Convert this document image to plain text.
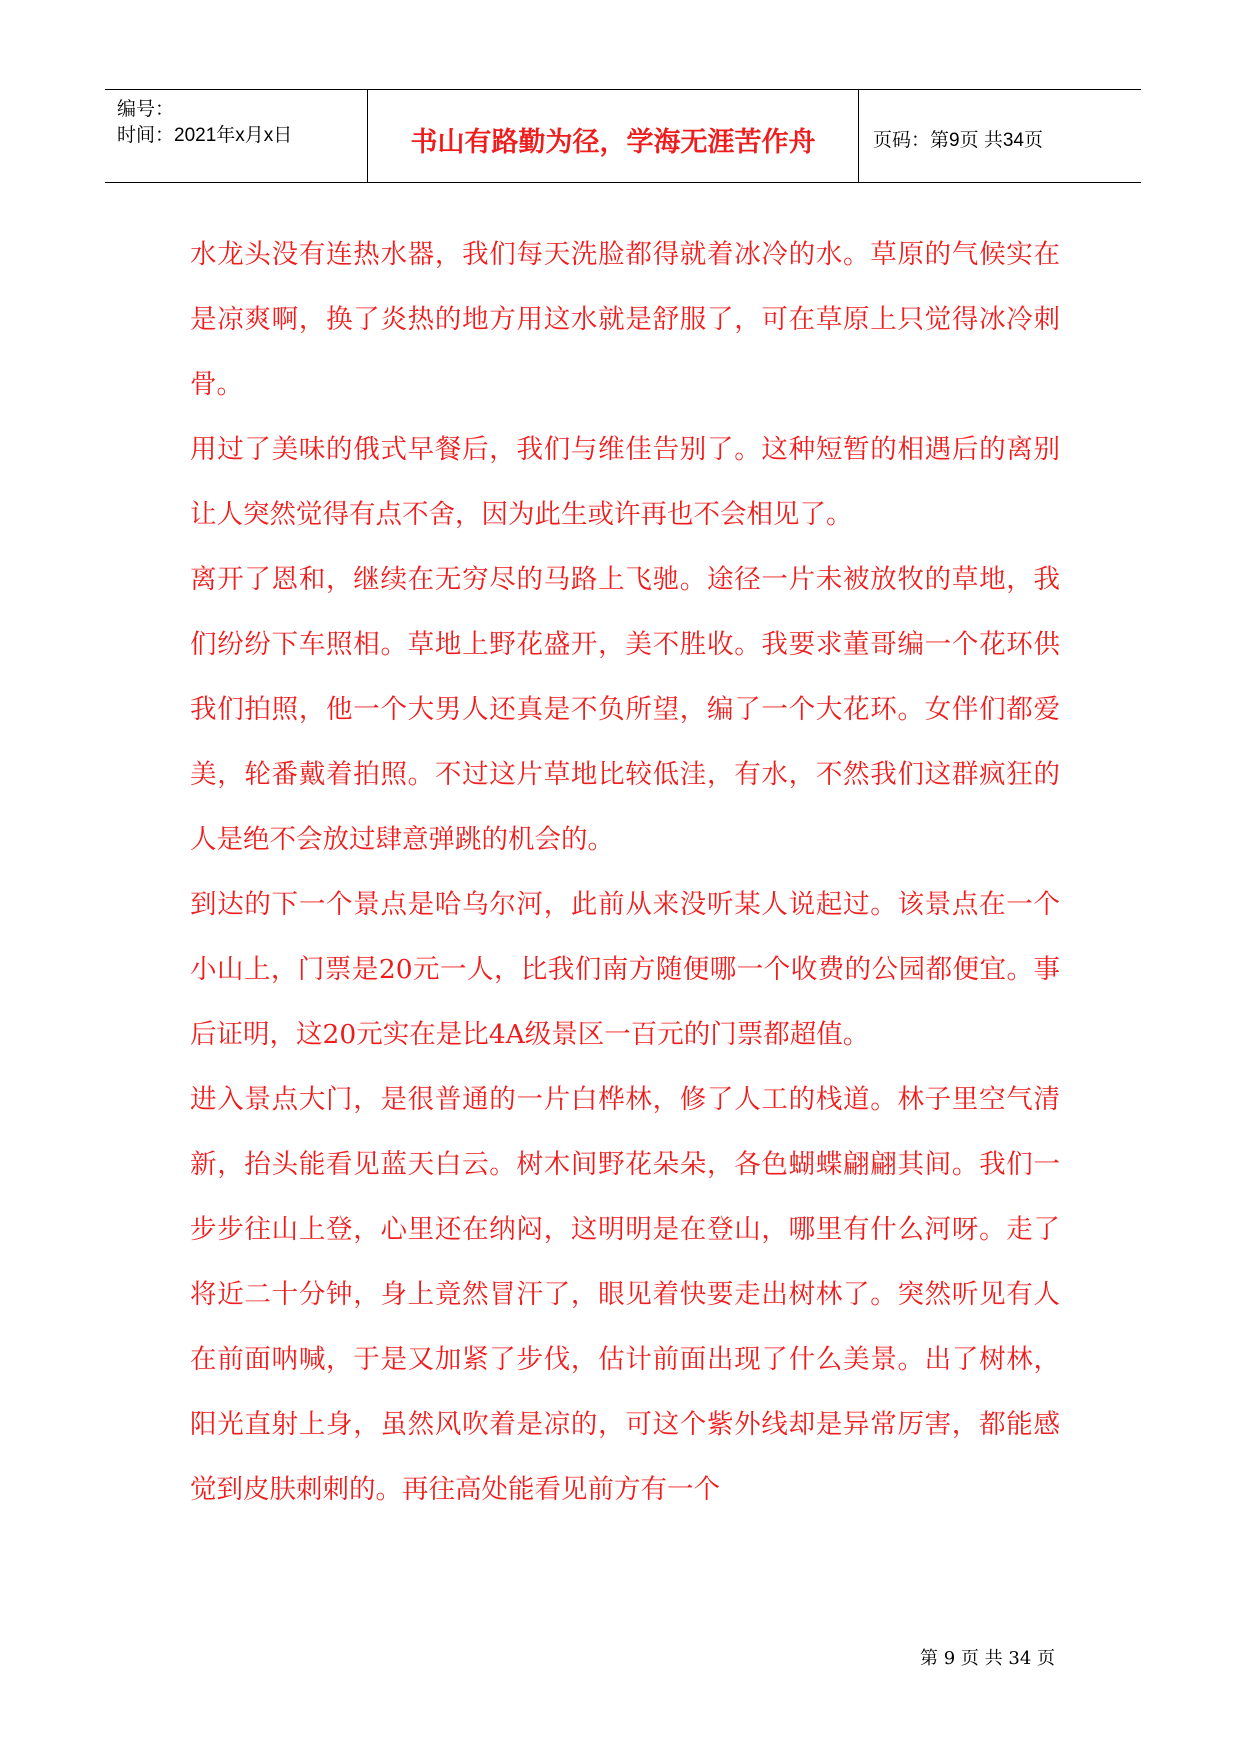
编号：
时间：2021年x月x日	书山有路勤为径，学海无涯苦作舟	页码：第9页 共34页

水龙头没有连热水器，我们每天洗脸都得就着冰冷的水。草原的气候实在是凉爽啊，换了炎热的地方用这水就是舒服了，可在草原上只觉得冰冷刺骨。

用过了美味的俄式早餐后，我们与维佳告别了。这种短暂的相遇后的离别让人突然觉得有点不舍，因为此生或许再也不会相见了。

离开了恩和，继续在无穷尽的马路上飞驰。途径一片未被放牧的草地，我们纷纷下车照相。草地上野花盛开，美不胜收。我要求董哥编一个花环供我们拍照，他一个大男人还真是不负所望，编了一个大花环。女伴们都爱美，轮番戴着拍照。不过这片草地比较低洼，有水，不然我们这群疯狂的人是绝不会放过肆意弹跳的机会的。

到达的下一个景点是哈乌尔河，此前从来没听某人说起过。该景点在一个小山上，门票是20元一人，比我们南方随便哪一个收费的公园都便宜。事后证明，这20元实在是比4A级景区一百元的门票都超值。

进入景点大门，是很普通的一片白桦林，修了人工的栈道。林子里空气清新，抬头能看见蓝天白云。树木间野花朵朵，各色蝴蝶翩翩其间。我们一步步往山上登，心里还在纳闷，这明明是在登山，哪里有什么河呀。走了将近二十分钟，身上竟然冒汗了，眼见着快要走出树林了。突然听见有人在前面呐喊，于是又加紧了步伐，估计前面出现了什么美景。出了树林，阳光直射上身，虽然风吹着是凉的，可这个紫外线却是异常厉害，都能感觉到皮肤刺刺的。再往高处能看见前方有一个

第 9 页 共 34 页
